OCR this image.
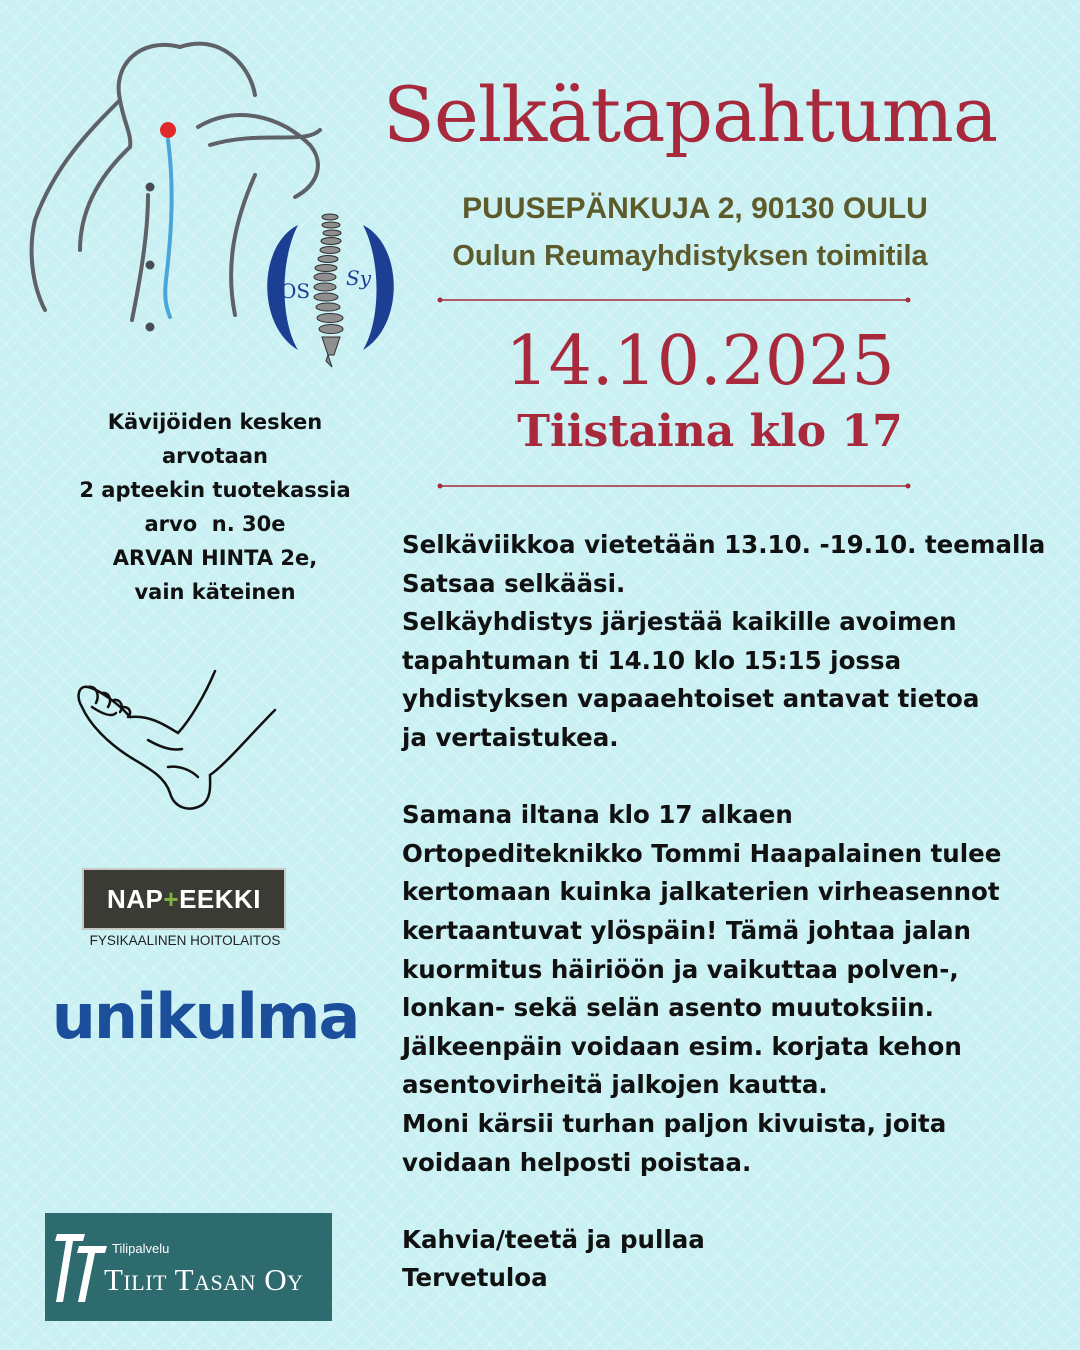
OS
Sy
Selkätapahtuma
PUUSEPÄNKUJA 2, 90130 OULU
Oulun Reumayhdistyksen toimitila
14.10.2025
Tiistaina klo 17
Kävijöiden kesken
arvotaan
2 apteekin tuotekassia
arvo  n. 30e
ARVAN HINTA 2e,
vain käteinen

Selkäviikkoa vietetään 13.10. -19.10. teemalla

Satsaa selkääsi.

Selkäyhdistys järjestää kaikille avoimen

tapahtuman ti 14.10 klo 15:15 jossa

yhdistyksen vapaaehtoiset antavat tietoa

ja vertaistukea.

Samana iltana klo 17 alkaen

Ortopediteknikko Tommi Haapalainen tulee

kertomaan kuinka jalkaterien virheasennot

kertaantuvat ylöspäin! Tämä johtaa jalan

kuormitus häiriöön ja vaikuttaa polven-,

lonkan- sekä selän asento muutoksiin.

Jälkeenpäin voidaan esim. korjata kehon

asentovirheitä jalkojen kautta.

Moni kärsii turhan paljon kivuista, joita

voidaan helposti poistaa.

Kahvia/teetä ja pullaa

Tervetuloa

NAP + EEKKI
FYSIKAALINEN HOITOLAITOS
unikulma
Tilipalvelu
Tilit Tasan Oy
